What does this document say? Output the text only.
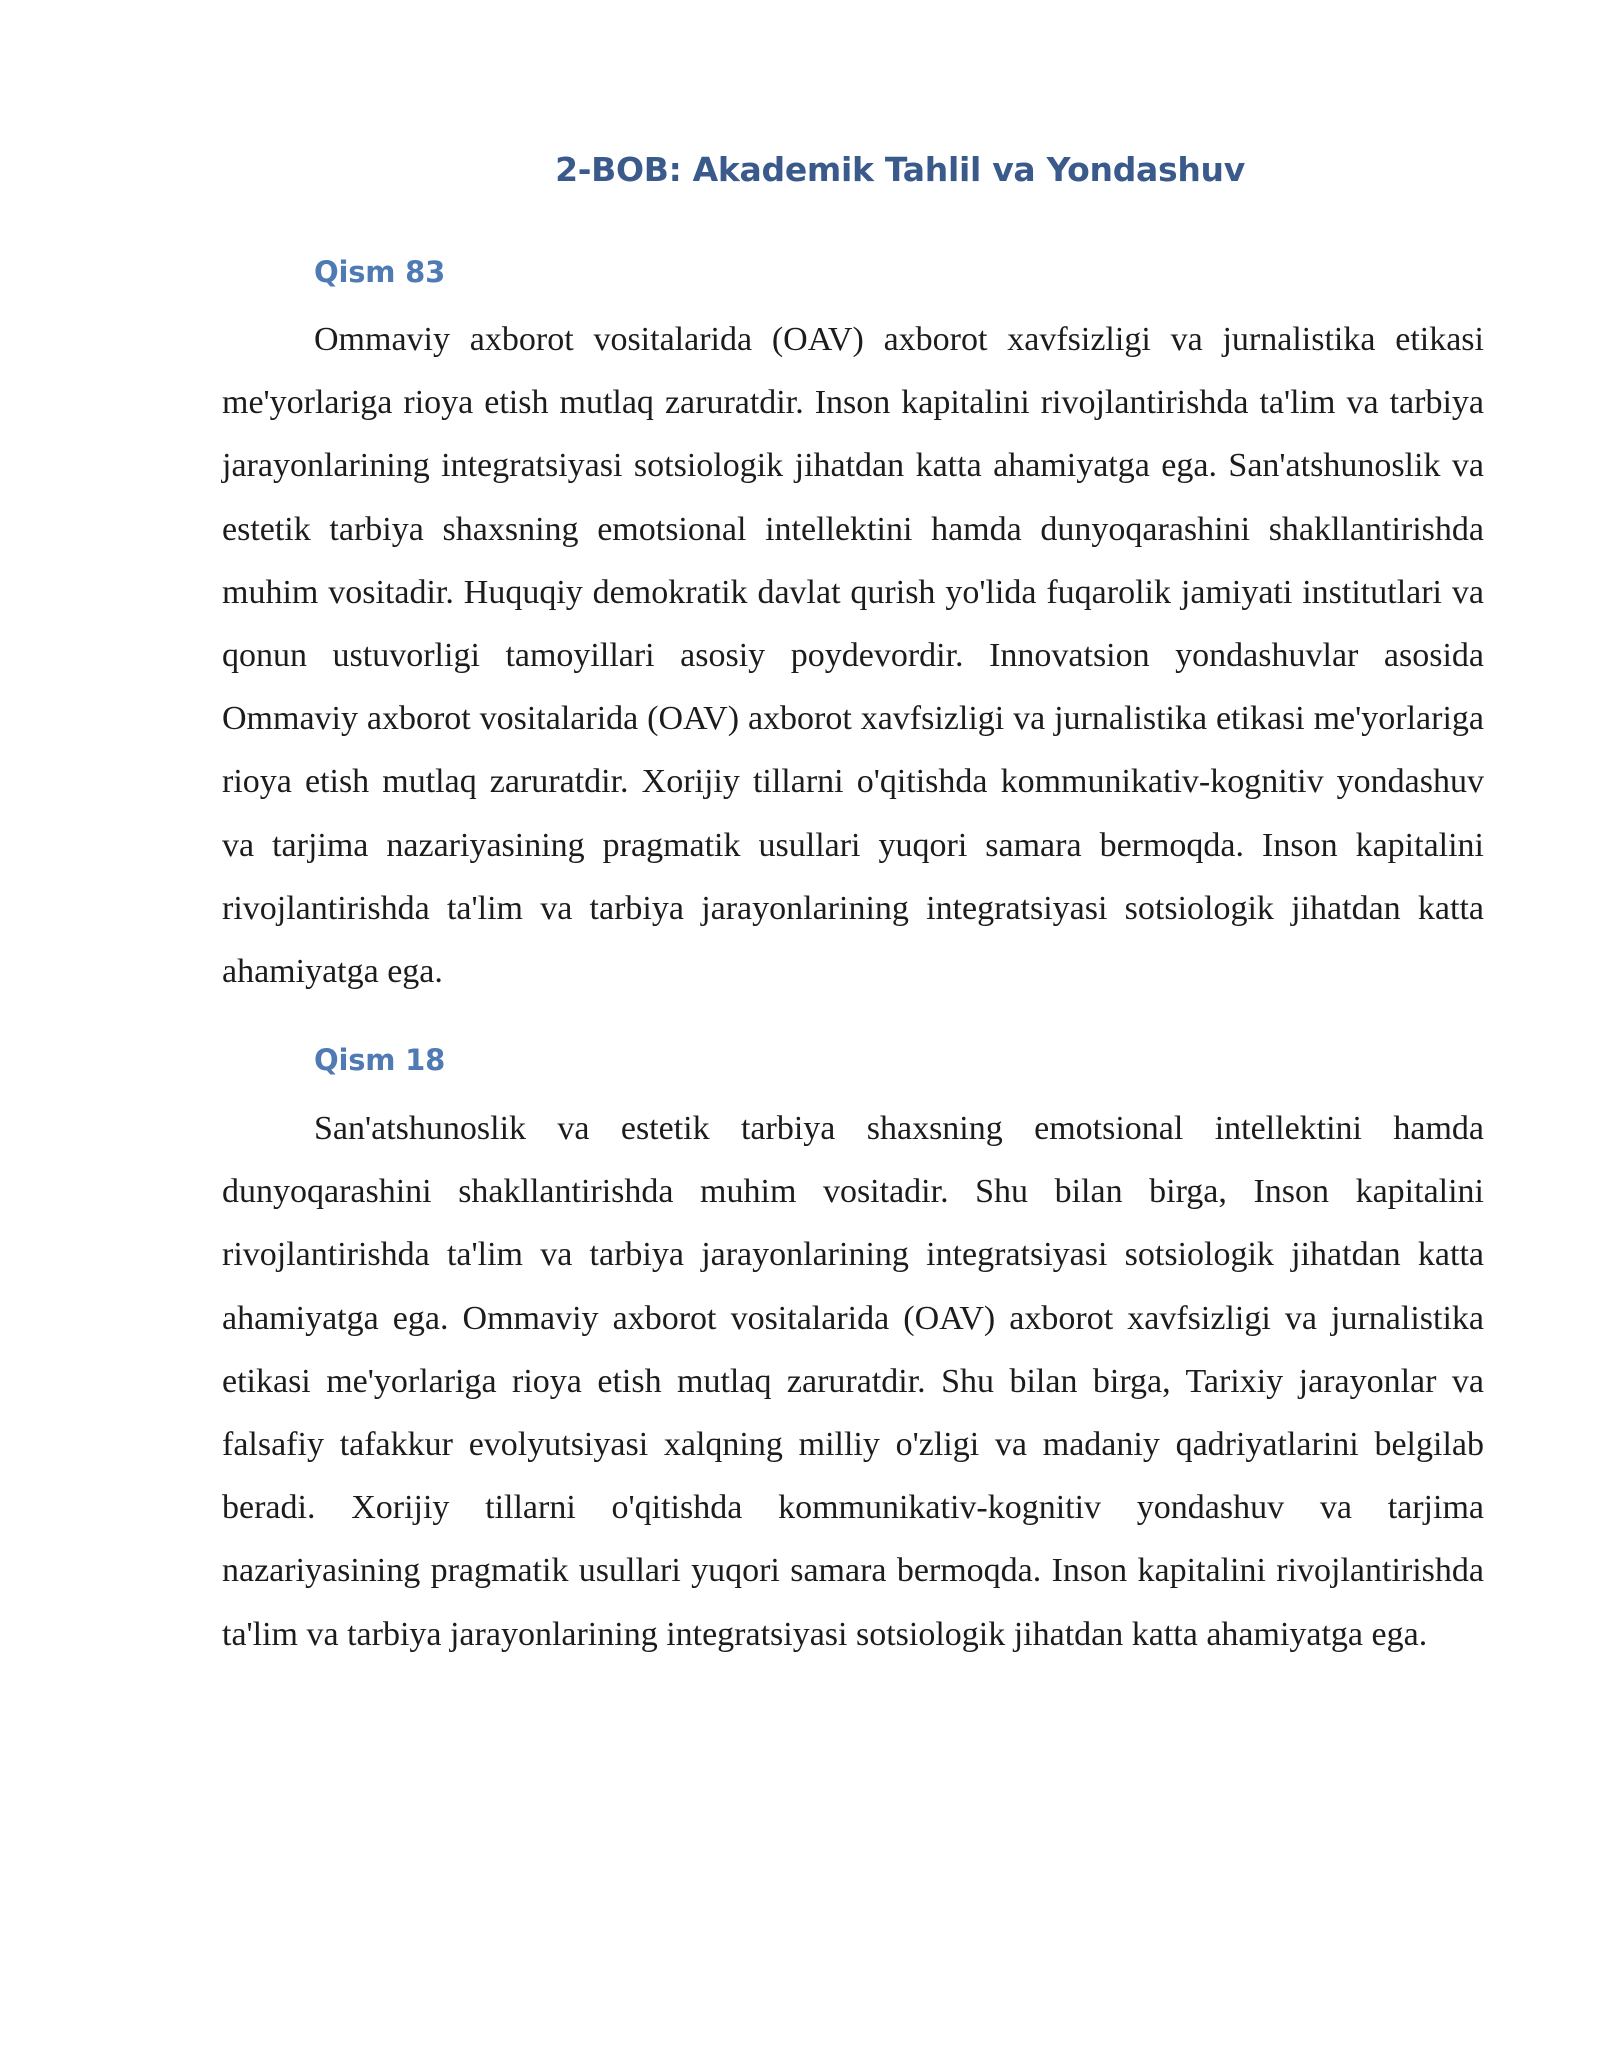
2-BOB: Akademik Tahlil va Yondashuv
Qism 83

Ommaviy axborot vositalarida (OAV) axborot xavfsizligi va jurnalistika etikasi me'yorlariga rioya etish mutlaq zaruratdir. Inson kapitalini rivojlantirishda ta'lim va tarbiya jarayonlarining integratsiyasi sotsiologik jihatdan katta ahamiyatga ega. San'atshunoslik va estetik tarbiya shaxsning emotsional intellektini hamda dunyoqarashini shakllantirishda muhim vositadir. Huquqiy demokratik davlat qurish yo'lida fuqarolik jamiyati institutlari va qonun ustuvorligi tamoyillari asosiy poydevordir. Innovatsion yondashuvlar asosida Ommaviy axborot vositalarida (OAV) axborot xavfsizligi va jurnalistika etikasi me'yorlariga rioya etish mutlaq zaruratdir. Xorijiy tillarni o'qitishda kommunikativ-kognitiv yondashuv va tarjima nazariyasining pragmatik usullari yuqori samara bermoqda. Inson kapitalini rivojlantirishda ta'lim va tarbiya jarayonlarining integratsiyasi sotsiologik jihatdan katta ahamiyatga ega.

Qism 18

San'atshunoslik va estetik tarbiya shaxsning emotsional intellektini hamda dunyoqarashini shakllantirishda muhim vositadir. Shu bilan birga, Inson kapitalini rivojlantirishda ta'lim va tarbiya jarayonlarining integratsiyasi sotsiologik jihatdan katta ahamiyatga ega. Ommaviy axborot vositalarida (OAV) axborot xavfsizligi va jurnalistika etikasi me'yorlariga rioya etish mutlaq zaruratdir. Shu bilan birga, Tarixiy jarayonlar va falsafiy tafakkur evolyutsiyasi xalqning milliy o'zligi va madaniy qadriyatlarini belgilab beradi. Xorijiy tillarni o'qitishda kommunikativ-kognitiv yondashuv va tarjima nazariyasining pragmatik usullari yuqori samara bermoqda. Inson kapitalini rivojlantirishda ta'lim va tarbiya jarayonlarining integratsiyasi sotsiologik jihatdan katta ahamiyatga ega.
